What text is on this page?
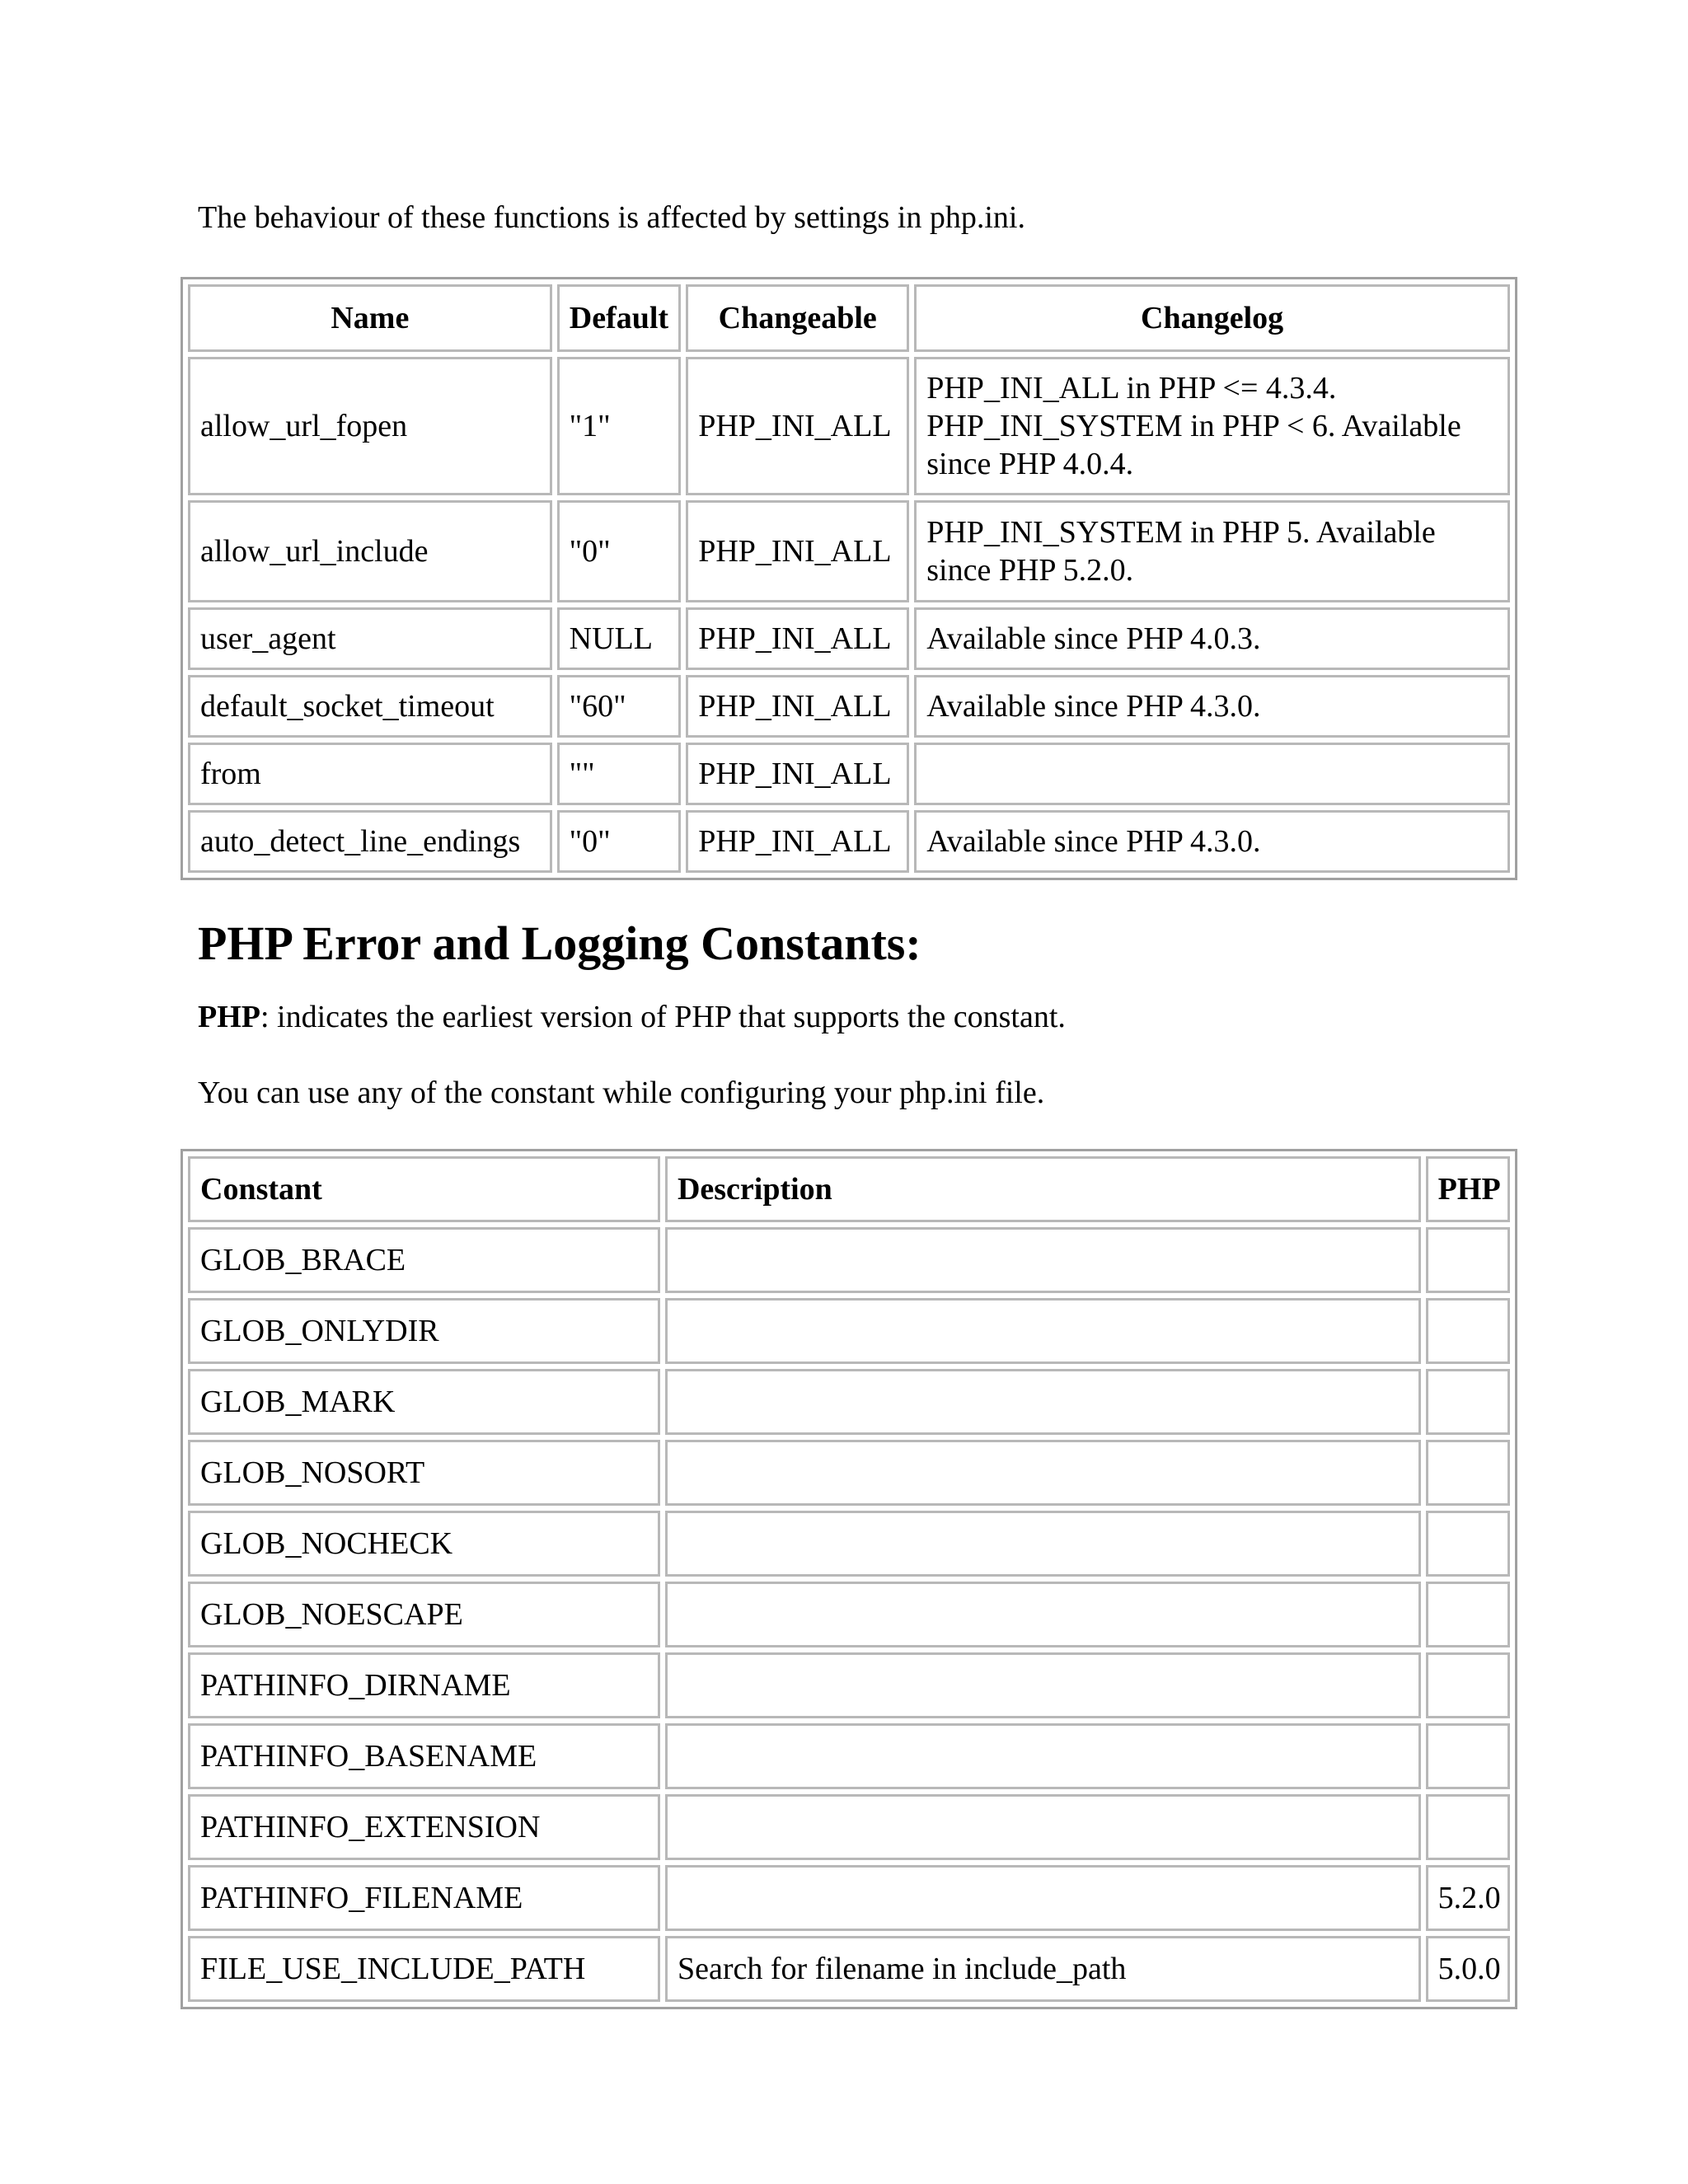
The behaviour of these functions is affected by settings in php.ini.

Name	Default	Changeable	Changelog
allow_url_fopen	"1"	PHP_INI_ALL	PHP_INI_ALL in PHP <= 4.3.4. PHP_INI_SYSTEM in PHP < 6. Available since PHP 4.0.4.
allow_url_include	"0"	PHP_INI_ALL	PHP_INI_SYSTEM in PHP 5. Available since PHP 5.2.0.
user_agent	NULL	PHP_INI_ALL	Available since PHP 4.0.3.
default_socket_timeout	"60"	PHP_INI_ALL	Available since PHP 4.3.0.
from	""	PHP_INI_ALL	
auto_detect_line_endings	"0"	PHP_INI_ALL	Available since PHP 4.3.0.
PHP Error and Logging Constants:

PHP: indicates the earliest version of PHP that supports the constant.

You can use any of the constant while configuring your php.ini file.

Constant	Description	PHP
GLOB_BRACE		
GLOB_ONLYDIR		
GLOB_MARK		
GLOB_NOSORT		
GLOB_NOCHECK		
GLOB_NOESCAPE		
PATHINFO_DIRNAME		
PATHINFO_BASENAME		
PATHINFO_EXTENSION		
PATHINFO_FILENAME		5.2.0
FILE_USE_INCLUDE_PATH	Search for filename in include_path	5.0.0
